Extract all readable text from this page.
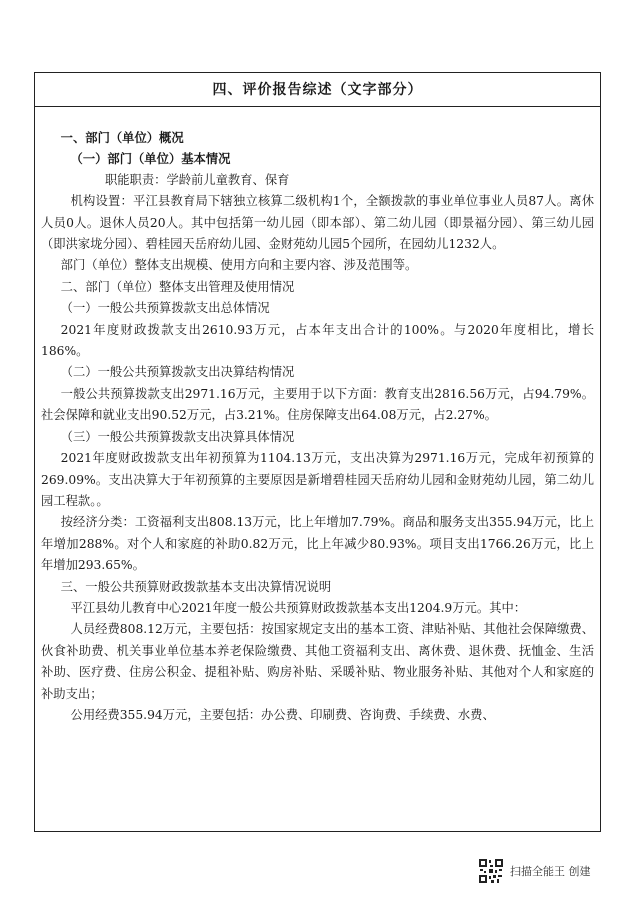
四、评价报告综述（文字部分）

一、部门（单位）概况

（一）部门（单位）基本情况

职能职责：学龄前儿童教育、保育

机构设置：平江县教育局下辖独立核算二级机构1个，全额拨款的事业单位事业人员87人。离休人员0人。退休人员20人。其中包括第一幼儿园（即本部）、第二幼儿园（即景福分园）、第三幼儿园（即洪家垅分园）、碧桂园天岳府幼儿园、金财苑幼儿园5个园所，在园幼儿1232人。

部门（单位）整体支出规模、使用方向和主要内容、涉及范围等。

二、部门（单位）整体支出管理及使用情况

（一）一般公共预算拨款支出总体情况

2021年度财政拨款支出2610.93万元，占本年支出合计的100%。与2020年度相比，增长186%。

（二）一般公共预算拨款支出决算结构情况

一般公共预算拨款支出2971.16万元，主要用于以下方面：教育支出2816.56万元，占94.79%。社会保障和就业支出90.52万元，占3.21%。住房保障支出64.08万元，占2.27%。

（三）一般公共预算拨款支出决算具体情况

2021年度财政拨款支出年初预算为1104.13万元，支出决算为2971.16万元，完成年初预算的269.09%。支出决算大于年初预算的主要原因是新增碧桂园天岳府幼儿园和金财苑幼儿园，第二幼儿园工程款。。

按经济分类：工资福利支出808.13万元，比上年增加7.79%。商品和服务支出355.94万元，比上年增加288%。对个人和家庭的补助0.82万元，比上年减少80.93%。项目支出1766.26万元，比上年增加293.65%。

三、一般公共预算财政拨款基本支出决算情况说明

平江县幼儿教育中心2021年度一般公共预算财政拨款基本支出1204.9万元。其中：

人员经费808.12万元，主要包括：按国家规定支出的基本工资、津贴补贴、其他社会保障缴费、伙食补助费、机关事业单位基本养老保险缴费、其他工资福利支出、离休费、退休费、抚恤金、生活补助、医疗费、住房公积金、提租补贴、购房补贴、采暖补贴、物业服务补贴、其他对个人和家庭的补助支出；

公用经费355.94万元，主要包括：办公费、印刷费、咨询费、手续费、水费、

扫描全能王 创建
